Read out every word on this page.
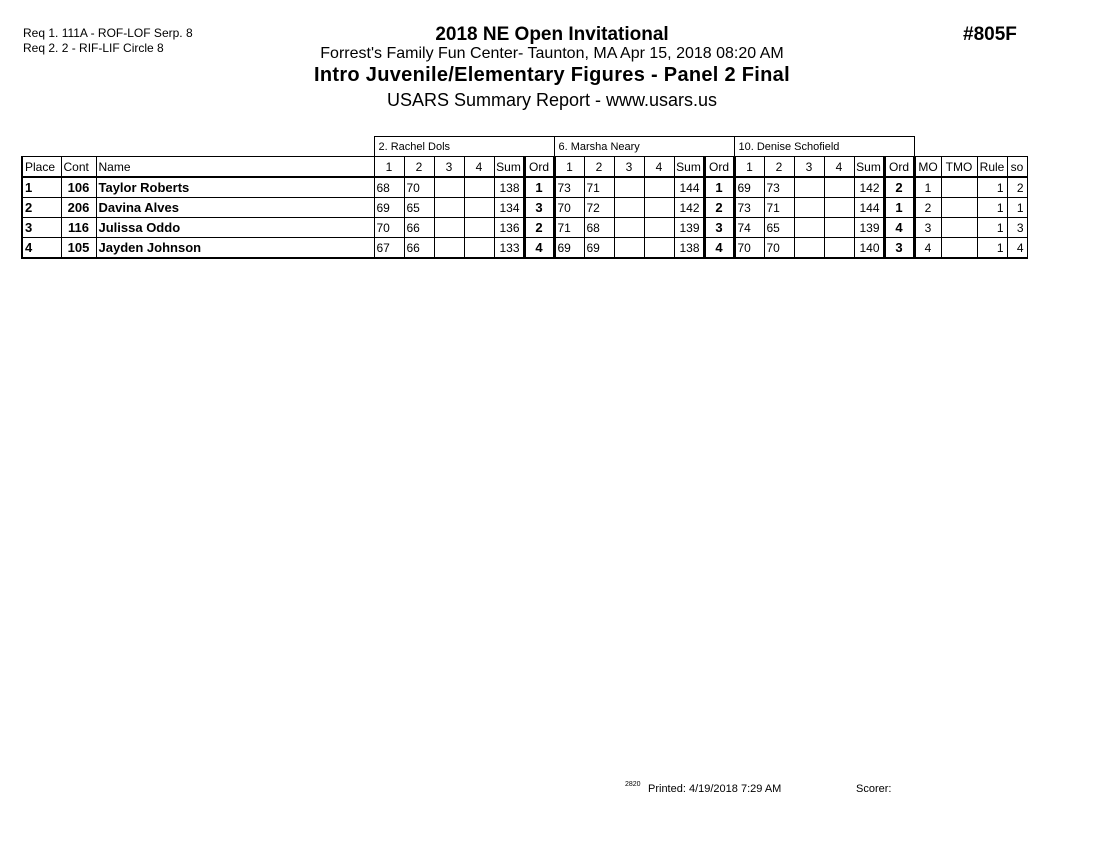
Req 1. 111A - ROF-LOF Serp. 8
Req 2. 2 - RIF-LIF Circle 8
2018 NE Open Invitational
Forrest's Family Fun Center- Taunton, MA Apr 15, 2018 08:20 AM
Intro Juvenile/Elementary Figures - Panel 2 Final
USARS Summary Report - www.usars.us
#805F
			2. Rachel Dols						6. Marsha Neary						10. Denise Schofield									
Place	Cont	Name	1	2	3	4	Sum	Ord	1	2	3	4	Sum	Ord	1	2	3	4	Sum	Ord	MO	TMO	Rule	so
1	106	Taylor Roberts	68	70			138	1	73	71			144	1	69	73			142	2	1		1	2
2	206	Davina Alves	69	65			134	3	70	72			142	2	73	71			144	1	2		1	1
3	116	Julissa Oddo	70	66			136	2	71	68			139	3	74	65			139	4	3		1	3
4	105	Jayden Johnson	67	66			133	4	69	69			138	4	70	70			140	3	4		1	4
2820 Printed: 4/19/2018 7:29 AM	Scorer:
